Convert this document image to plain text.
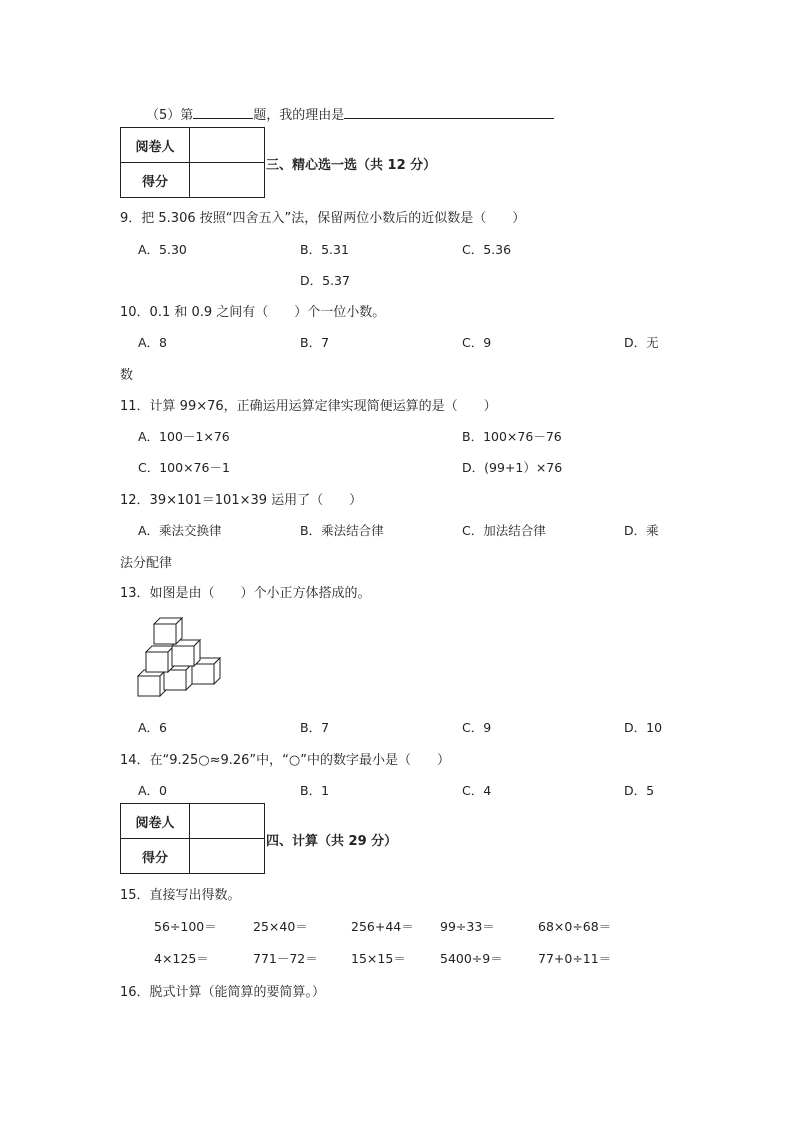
（5）第	题，我的理由是
阅卷人	
得分	
三、精心选一选（共 12 分）
9．把 5.306 按照“四舍五入”法，保留两位小数后的近似数是（　　）
A．5.30	B．5.31	C．5.36
D．5.37
10．0.1 和 0.9 之间有（　　）个一位小数。
A．8	B．7	C．9	D．无
数
11．计算 99×76，正确运用运算定律实现简便运算的是（　　）
A．100－1×76	B．100×76－76
C．100×76－1	D．(99+1）×76
12．39×101＝101×39 运用了（　　）
A．乘法交换律	B．乘法结合律	C．加法结合律	D．乘
法分配律
13．如图是由（　　）个小正方体搭成的。
A．6	B．7	C．9	D．10
14．在“9.25○≈9.26”中，“○”中的数字最小是（　　）
A．0	B．1	C．4	D．5
阅卷人	
得分	
四、计算（共 29 分）
15．直接写出得数。
56÷100＝	25×40＝	256+44＝ 99÷33＝	68×0÷68＝
4×125＝	771－72＝	15×15＝	5400÷9＝	77+0÷11＝
16．脱式计算（能简算的要简算。）
